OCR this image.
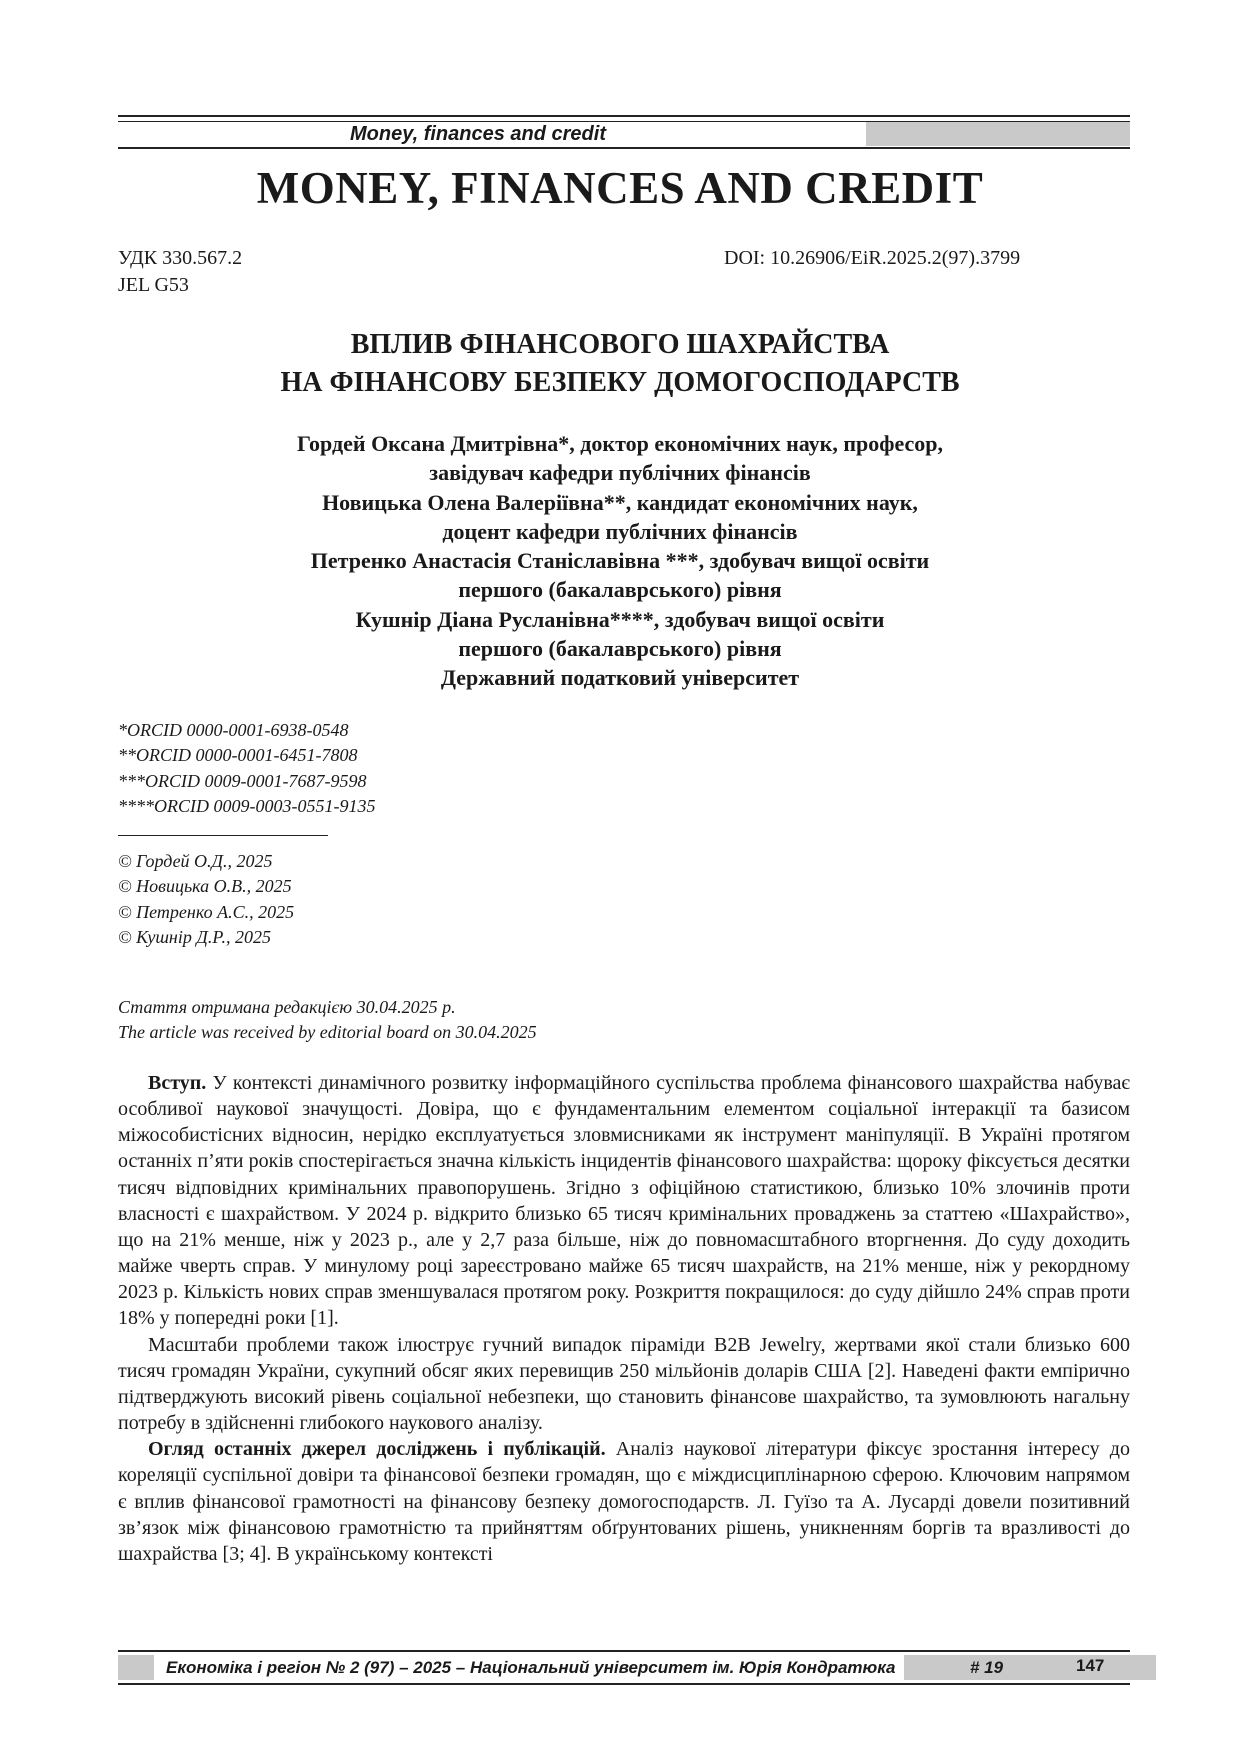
Money, finances and credit
MONEY, FINANCES AND CREDIT
УДК 330.567.2
JEL G53
DOI: 10.26906/EiR.2025.2(97).3799
ВПЛИВ ФІНАНСОВОГО ШАХРАЙСТВА
НА ФІНАНСОВУ БЕЗПЕКУ ДОМОГОСПОДАРСТВ
Гордей Оксана Дмитрівна*, доктор економічних наук, професор,
завідувач кафедри публічних фінансів
Новицька Олена Валеріївна**, кандидат економічних наук,
доцент кафедри публічних фінансів
Петренко Анастасія Станіславівна ***, здобувач вищої освіти
першого (бакалаврського) рівня
Кушнір Діана Русланівна****, здобувач вищої освіти
першого (бакалаврського) рівня
Державний податковий університет
*ORCID 0000-0001-6938-0548
**ORCID 0000-0001-6451-7808
***ORCID 0009-0001-7687-9598
****ORCID 0009-0003-0551-9135
© Гордей О.Д., 2025
© Новицька О.В., 2025
© Петренко А.С., 2025
© Кушнір Д.Р., 2025
Стаття отримана редакцією 30.04.2025 р.
The article was received by editorial board on 30.04.2025

Вступ. У контексті динамічного розвитку інформаційного суспільства проблема фінансового шахрайства набуває особливої наукової значущості. Довіра, що є фундаментальним елементом соціальної інтеракції та базисом міжособистісних відносин, нерідко експлуатується зловмисниками як інструмент маніпуляції. В Україні протягом останніх п’яти років спостерігається значна кількість інцидентів фінансового шахрайства: щороку фіксується десятки тисяч відповідних кримінальних правопорушень. Згідно з офіційною статистикою, близько 10% злочинів проти власності є шахрайством. У 2024 р. відкрито близько 65 тисяч кримінальних проваджень за статтею «Шахрайство», що на 21% менше, ніж у 2023 р., але у 2,7 раза більше, ніж до повномасштабного вторгнення. До суду доходить майже чверть справ. У минулому році зареєстровано майже 65 тисяч шахрайств, на 21% менше, ніж у рекордному 2023 р. Кількість нових справ зменшувалася протягом року. Розкриття покращилося: до суду дійшло 24% справ проти 18% у попередні роки [1].

Масштаби проблеми також ілюструє гучний випадок піраміди B2B Jewelry, жертвами якої стали близько 600 тисяч громадян України, сукупний обсяг яких перевищив 250 мільйонів доларів США [2]. Наведені факти емпірично підтверджують високий рівень соціальної небезпеки, що становить фінансове шахрайство, та зумовлюють нагальну потребу в здійсненні глибокого наукового аналізу.

Огляд останніх джерел досліджень і публікацій. Аналіз наукової літератури фіксує зростання інтересу до кореляції суспільної довіри та фінансової безпеки громадян, що є міждисциплінарною сферою. Ключовим напрямом є вплив фінансової грамотності на фінансову безпеку домогосподарств. Л. Гуїзо та А. Лусарді довели позитивний зв’язок між фінансовою грамотністю та прийняттям обґрунтованих рішень, уникненням боргів та вразливості до шахрайства [3; 4]. В українському контексті

Економіка і регіон № 2 (97) – 2025 – Національний університет ім. Юрія Кондратюка	# 19	147
